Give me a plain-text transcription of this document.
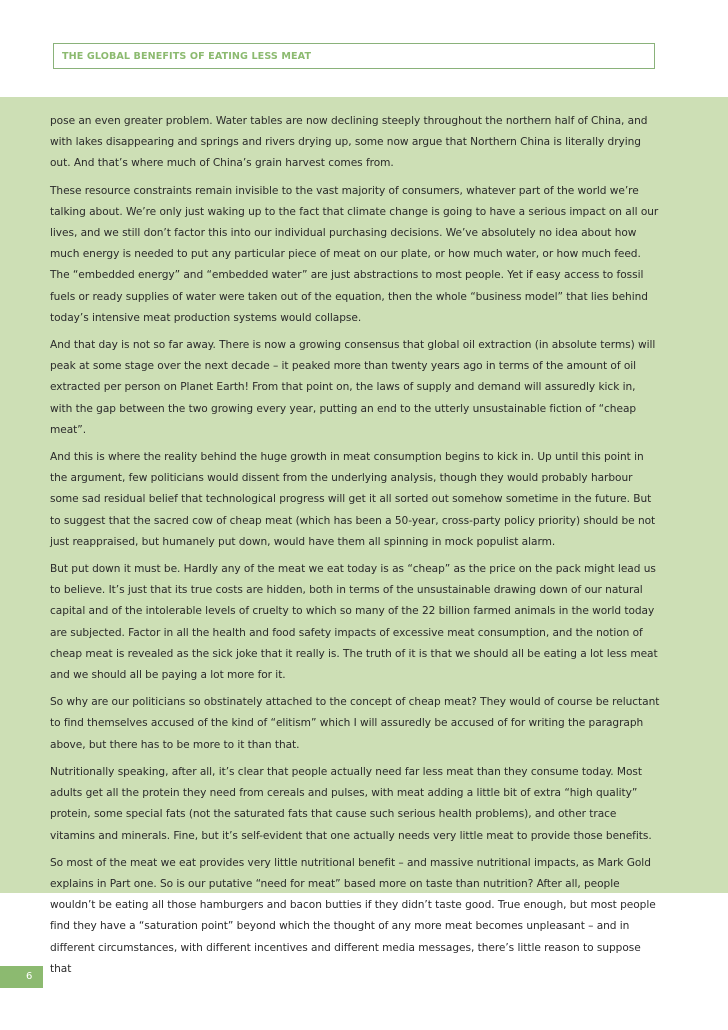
THE GLOBAL BENEFITS OF EATING LESS MEAT

pose an even greater problem. Water tables are now declining steeply throughout the northern half of China, and with lakes disappearing and springs and rivers drying up, some now argue that Northern China is literally drying out. And that’s where much of China’s grain harvest comes from.

These resource constraints remain invisible to the vast majority of consumers, whatever part of the world we’re talking about. We’re only just waking up to the fact that climate change is going to have a serious impact on all our lives, and we still don’t factor this into our individual purchasing decisions. We’ve absolutely no idea about how much energy is needed to put any particular piece of meat on our plate, or how much water, or how much feed. The “embedded energy” and “embedded water” are just abstractions to most people. Yet if easy access to fossil fuels or ready supplies of water were taken out of the equation, then the whole “business model” that lies behind today’s intensive meat production systems would collapse.

And that day is not so far away. There is now a growing consensus that global oil extraction (in absolute terms) will peak at some stage over the next decade – it peaked more than twenty years ago in terms of the amount of oil extracted per person on Planet Earth! From that point on, the laws of supply and demand will assuredly kick in, with the gap between the two growing every year, putting an end to the utterly unsustainable fiction of “cheap meat”.

And this is where the reality behind the huge growth in meat consumption begins to kick in. Up until this point in the argument, few politicians would dissent from the underlying analysis, though they would probably harbour some sad residual belief that technological progress will get it all sorted out somehow sometime in the future. But to suggest that the sacred cow of cheap meat (which has been a 50-year, cross-party policy priority) should be not just reappraised, but humanely put down, would have them all spinning in mock populist alarm.

But put down it must be. Hardly any of the meat we eat today is as “cheap” as the price on the pack might lead us to believe. It’s just that its true costs are hidden, both in terms of the unsustainable drawing down of our natural capital and of the intolerable levels of cruelty to which so many of the 22 billion farmed animals in the world today are subjected. Factor in all the health and food safety impacts of excessive meat consumption, and the notion of cheap meat is revealed as the sick joke that it really is. The truth of it is that we should all be eating a lot less meat and we should all be paying a lot more for it.

So why are our politicians so obstinately attached to the concept of cheap meat? They would of course be reluctant to find themselves accused of the kind of “elitism” which I will assuredly be accused of for writing the paragraph above, but there has to be more to it than that.

Nutritionally speaking, after all, it’s clear that people actually need far less meat than they consume today. Most adults get all the protein they need from cereals and pulses, with meat adding a little bit of extra “high quality” protein, some special fats (not the saturated fats that cause such serious health problems), and other trace vitamins and minerals. Fine, but it’s self-evident that one actually needs very little meat to provide those benefits.

So most of the meat we eat provides very little nutritional benefit – and massive nutritional impacts, as Mark Gold explains in Part one. So is our putative “need for meat” based more on taste than nutrition? After all, people wouldn’t be eating all those hamburgers and bacon butties if they didn’t taste good. True enough, but most people find they have a “saturation point” beyond which the thought of any more meat becomes unpleasant – and in different circumstances, with different incentives and different media messages, there’s little reason to suppose that

6
